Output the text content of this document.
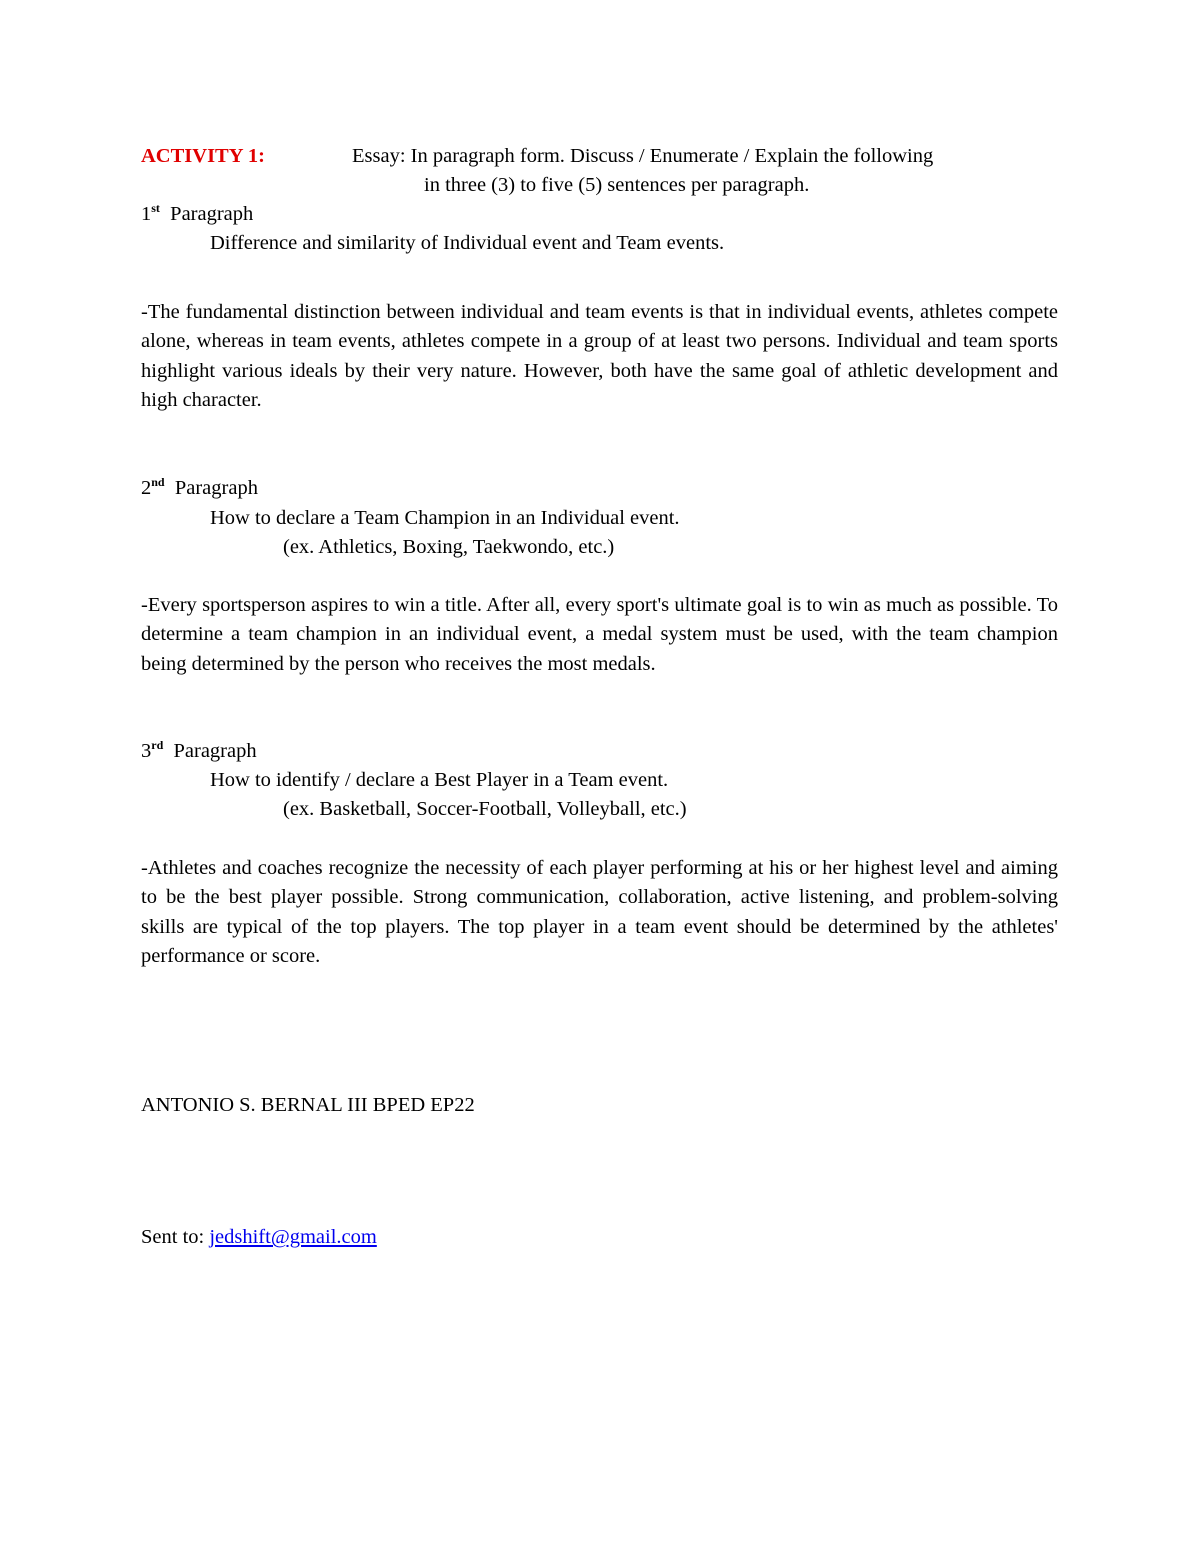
ACTIVITY 1:	Essay: In paragraph form. Discuss / Enumerate / Explain the following
in three (3) to five (5) sentences per paragraph.
1st Paragraph
Difference and similarity of Individual event and Team events.

-The fundamental distinction between individual and team events is that in individual events, athletes compete alone, whereas in team events, athletes compete in a group of at least two persons. Individual and team sports highlight various ideals by their very nature. However, both have the same goal of athletic development and high character.

2nd Paragraph
How to declare a Team Champion in an Individual event.
(ex. Athletics, Boxing, Taekwondo, etc.)

-Every sportsperson aspires to win a title. After all, every sport's ultimate goal is to win as much as possible. To determine a team champion in an individual event, a medal system must be used, with the team champion being determined by the person who receives the most medals.

3rd Paragraph
How to identify / declare a Best Player in a Team event.
(ex. Basketball, Soccer-Football, Volleyball, etc.)

-Athletes and coaches recognize the necessity of each player performing at his or her highest level and aiming to be the best player possible. Strong communication, collaboration, active listening, and problem-solving skills are typical of the top players. The top player in a team event should be determined by the athletes' performance or score.

ANTONIO S. BERNAL III BPED EP22
Sent to: jedshift@gmail.com
